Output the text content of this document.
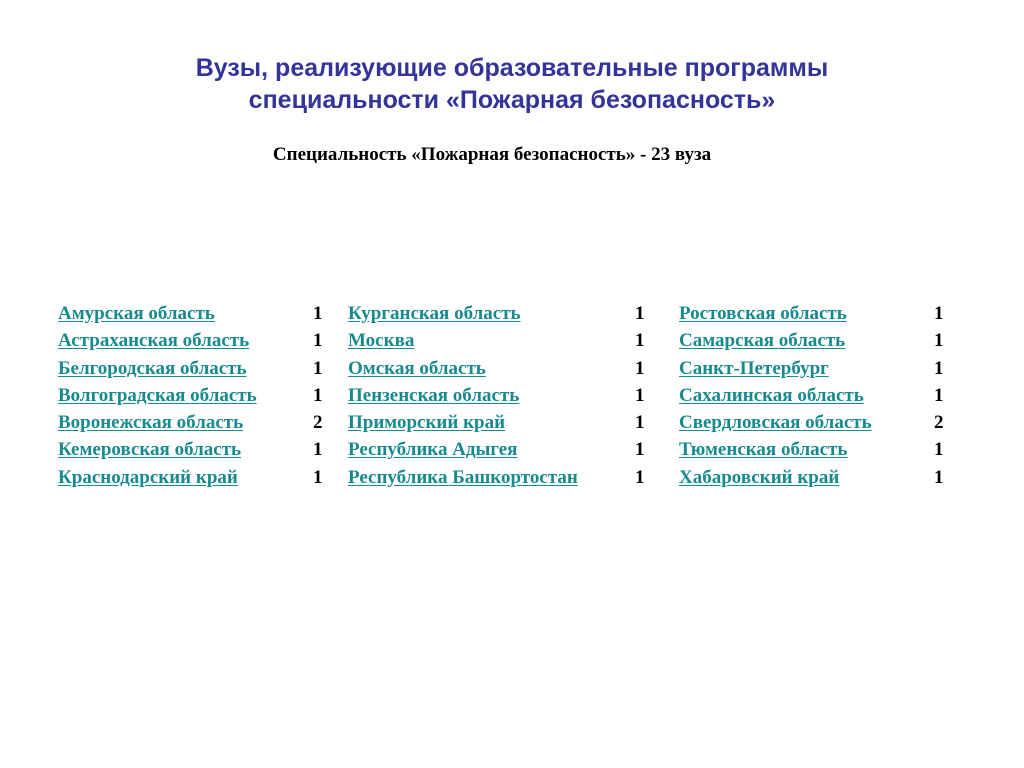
Вузы, реализующие образовательные программы
специальности «Пожарная безопасность»
Специальность «Пожарная безопасность» - 23 вуза
Амурская область	1
Астраханская область	1
Белгородская область	1
Волгоградская область	1
Воронежская область	2
Кемеровская область	1
Краснодарский край	1
Курганская область	1
Москва	1
Омская область	1
Пензенская область	1
Приморский край	1
Республика Адыгея	1
Республика Башкортостан	1
Ростовская область	1
Самарская область	1
Санкт-Петербург	1
Сахалинская область	1
Свердловская область	2
Тюменская область	1
Хабаровский край	1
